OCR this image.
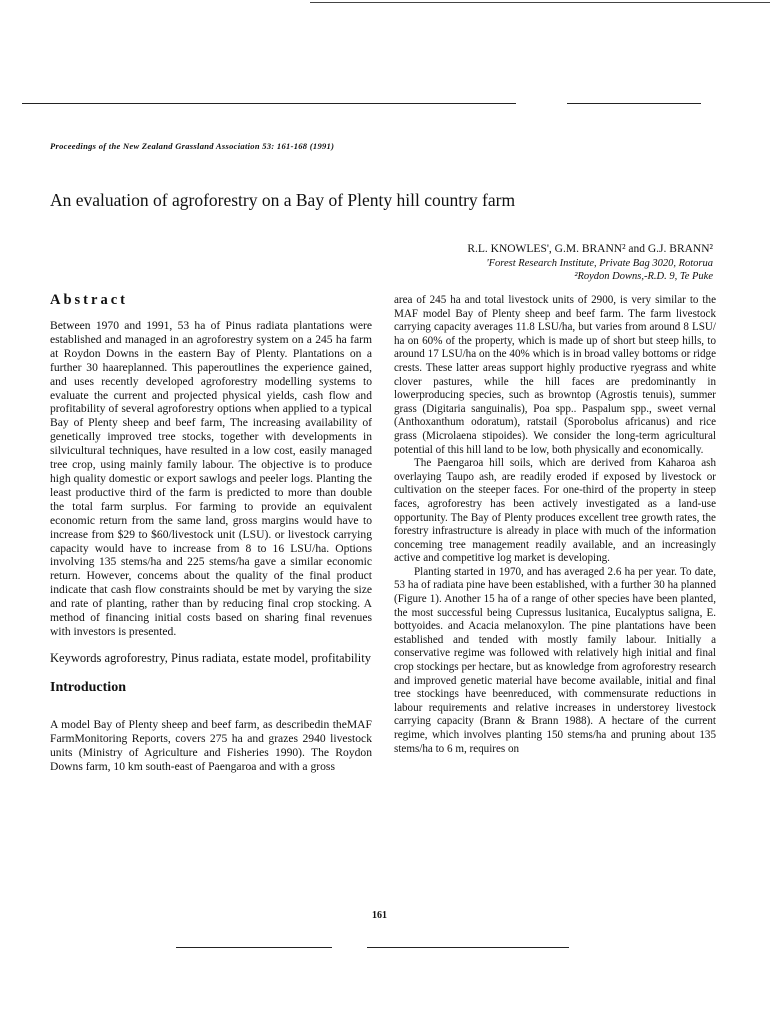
Proceedings of the New Zealand Grassland Association 53: 161-168 (1991)
An evaluation of agroforestry on a Bay of Plenty hill country farm
R.L. KNOWLES', G.M. BRANN² and G.J. BRANN²
'Forest Research Institute, Private Bag 3020, Rotorua
²Roydon Downs,-R.D. 9, Te Puke
Abstract

Between 1970 and 1991, 53 ha of Pinus radiata plantations were established and managed in an agroforestry system on a 245 ha farm at Roydon Downs in the eastern Bay of Plenty. Plantations on a further 30 haareplanned. This paperoutlines the experience gained, and uses recently developed agroforestry modelling systems to evaluate the current and projected physical yields, cash flow and profitability of several agroforestry options when applied to a typical Bay of Plenty sheep and beef farm, The increasing availability of genetically improved tree stocks, together with developments in silvicultural techniques, have resulted in a low cost, easily managed tree crop, using mainly family labour. The objective is to produce high quality domestic or export sawlogs and peeler logs. Planting the least productive third of the farm is predicted to more than double the total farm surplus. For farming to provide an equivalent economic return from the same land, gross margins would have to increase from $29 to $60/livestock unit (LSU). or livestock carrying capacity would have to increase from 8 to 16 LSU/ha. Options involving 135 stems/ha and 225 stems/ha gave a similar economic return. However, concems about the quality of the final product indicate that cash flow constraints should be met by varying the size and rate of planting, rather than by reducing final crop stocking. A method of financing initial costs based on sharing final revenues with investors is presented.

Keywords agroforestry, Pinus radiata, estate model, profitability

Introduction

A model Bay of Plenty sheep and beef farm, as describedin theMAF FarmMonitoring Reports, covers 275 ha and grazes 2940 livestock units (Ministry of Agriculture and Fisheries 1990). The Roydon Downs farm, 10 km south-east of Paengaroa and with a gross

area of 245 ha and total livestock units of 2900, is very similar to the MAF model Bay of Plenty sheep and beef farm. The farm livestock carrying capacity averages 11.8 LSU/ha, but varies from around 8 LSU/ ha on 60% of the property, which is made up of short but steep hills, to around 17 LSU/ha on the 40% which is in broad valley bottoms or ridge crests. These latter areas support highly productive ryegrass and white clover pastures, while the hill faces are predominantly in lowerproducing species, such as browntop (Agrostis tenuis), summer grass (Digitaria sanguinalis), Poa spp.. Paspalum spp., sweet vernal (Anthoxanthum odoratum), ratstail (Sporobolus africanus) and rice grass (Microlaena stipoides). We consider the long-term agricultural potential of this hill land to be low, both physically and economically.

The Paengaroa hill soils, which are derived from Kaharoa ash overlaying Taupo ash, are readily eroded if exposed by livestock or cultivation on the steeper faces. For one-third of the property in steep faces, agroforestry has been actively investigated as a land-use opportunity. The Bay of Plenty produces excellent tree growth rates, the forestry infrastructure is already in place with much of the information conceming tree management readily available, and an increasingly active and competitive log market is developing.

Planting started in 1970, and has averaged 2.6 ha per year. To date, 53 ha of radiata pine have been established, with a further 30 ha planned (Figure 1). Another 15 ha of a range of other species have been planted, the most successful being Cupressus lusitanica, Eucalyptus saligna, E. bottyoides. and Acacia melanoxylon. The pine plantations have been established and tended with mostly family labour. Initially a conservative regime was followed with relatively high initial and final crop stockings per hectare, but as knowledge from agroforestry research and improved genetic material have become available, initial and final tree stockings have beenreduced, with commensurate reductions in labour requirements and relative increases in understorey livestock carrying capacity (Brann & Brann 1988). A hectare of the current regime, which involves planting 150 stems/ha and pruning about 135 stems/ha to 6 m, requires on

161
